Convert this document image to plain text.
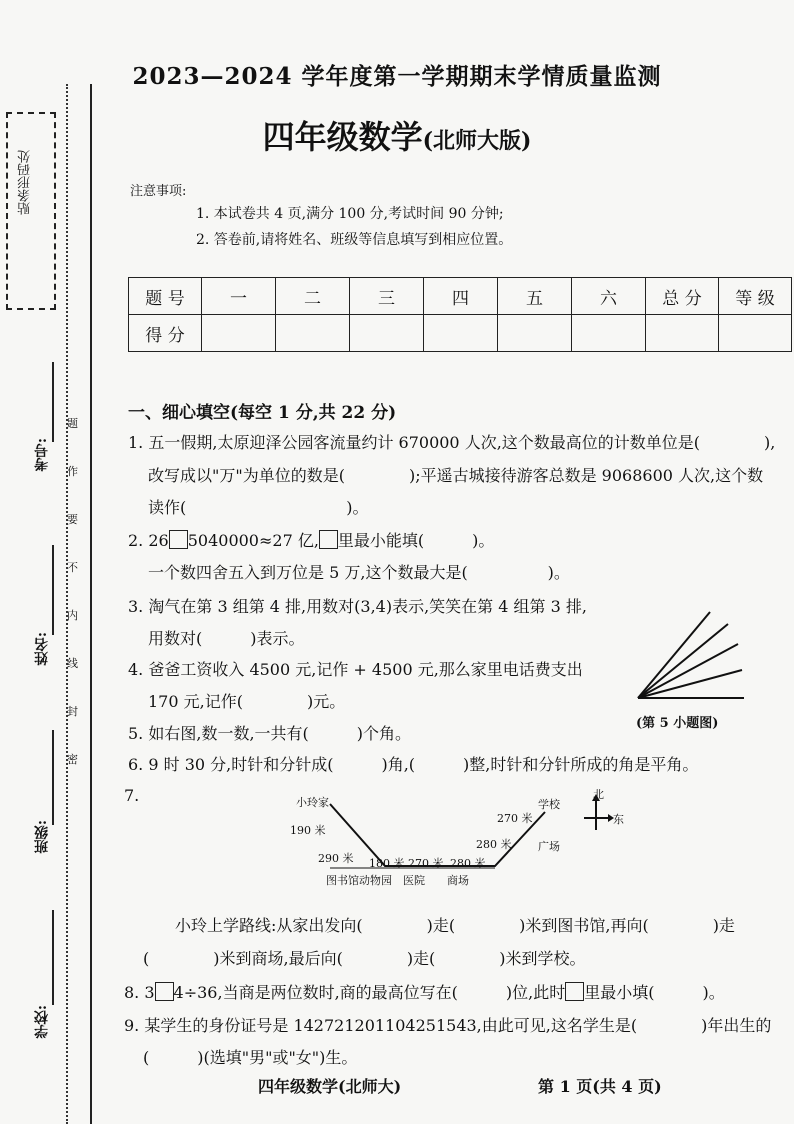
贴条形码处
考号:
姓名:
班级:
学校:
题
作
要
不
内
线
封
密
2023—2024 学年度第一学期期末学情质量监测
四年级数学(北师大版)
注意事项:
1. 本试卷共 4 页,满分 100 分,考试时间 90 分钟;
2. 答卷前,请将姓名、班级等信息填写到相应位置。
题 号	一	二	三	四	五	六	总 分	等 级
得 分								
一、细心填空(每空 1 分,共 22 分)
1. 五一假期,太原迎泽公园客流量约计 670000 人次,这个数最高位的计数单位是(　　　　),
改写成以"万"为单位的数是(　　　　);平遥古城接待游客总数是 9068600 人次,这个数
读作(　　　　　　　　　　)。
2. 26 5040000≈27 亿, 里最小能填(　　　)。
一个数四舍五入到万位是 5 万,这个数最大是(　　　　　)。
3. 淘气在第 3 组第 4 排,用数对(3,4)表示,笑笑在第 4 组第 3 排,
用数对(　　　)表示。
4. 爸爸工资收入 4500 元,记作 + 4500 元,那么家里电话费支出
170 元,记作(　　　　)元。
5. 如右图,数一数,一共有(　　　)个角。
(第 5 小题图)
6. 9 时 30 分,时针和分针成(　　　)角,(　　　)整,时针和分针所成的角是平角。
7.	小玲家	学校
190 米
290 米 180 米 270 米 280 米
280 米 广场
270 米
图书馆动物园　医院　　商场
北
东
小玲上学路线:从家出发向(　　　　)走(　　　　)米到图书馆,再向(　　　　)走
(　　　　)米到商场,最后向(　　　　)走(　　　　)米到学校。
8. 3 4÷36,当商是两位数时,商的最高位写在(　　　)位,此时 里最小填(　　　)。
9. 某学生的身份证号是 142721201104251543,由此可见,这名学生是(　　　　)年出生的
(　　　)(选填"男"或"女")生。
四年级数学(北师大)	第 1 页(共 4 页)
